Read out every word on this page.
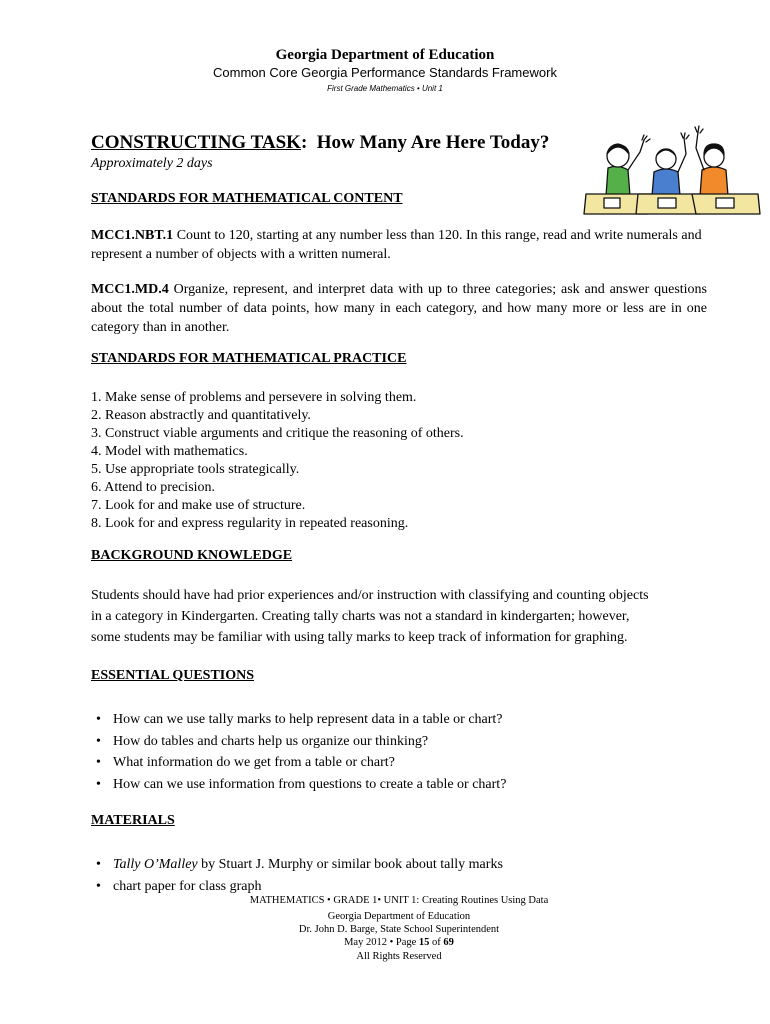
Georgia Department of Education
Common Core Georgia Performance Standards Framework
First Grade Mathematics • Unit 1
CONSTRUCTING TASK: How Many Are Here Today?
Approximately 2 days
STANDARDS FOR MATHEMATICAL CONTENT
MCC1.NBT.1 Count to 120, starting at any number less than 120. In this range, read and write numerals and represent a number of objects with a written numeral.
MCC1.MD.4 Organize, represent, and interpret data with up to three categories; ask and answer questions about the total number of data points, how many in each category, and how many more or less are in one category than in another.
STANDARDS FOR MATHEMATICAL PRACTICE
1. Make sense of problems and persevere in solving them.
2. Reason abstractly and quantitatively.
3. Construct viable arguments and critique the reasoning of others.
4. Model with mathematics.
5. Use appropriate tools strategically.
6. Attend to precision.
7. Look for and make use of structure.
8. Look for and express regularity in repeated reasoning.
BACKGROUND KNOWLEDGE
Students should have had prior experiences and/or instruction with classifying and counting objects
in a category in Kindergarten. Creating tally charts was not a standard in kindergarten; however,
some students may be familiar with using tally marks to keep track of information for graphing.
ESSENTIAL QUESTIONS
• How can we use tally marks to help represent data in a table or chart?
• How do tables and charts help us organize our thinking?
• What information do we get from a table or chart?
• How can we use information from questions to create a table or chart?
MATERIALS
• Tally O’Malley by Stuart J. Murphy or similar book about tally marks
• chart paper for class graph
MATHEMATICS • GRADE 1• UNIT 1: Creating Routines Using Data
Georgia Department of Education
Dr. John D. Barge, State School Superintendent
May 2012 • Page 15 of 69
All Rights Reserved
